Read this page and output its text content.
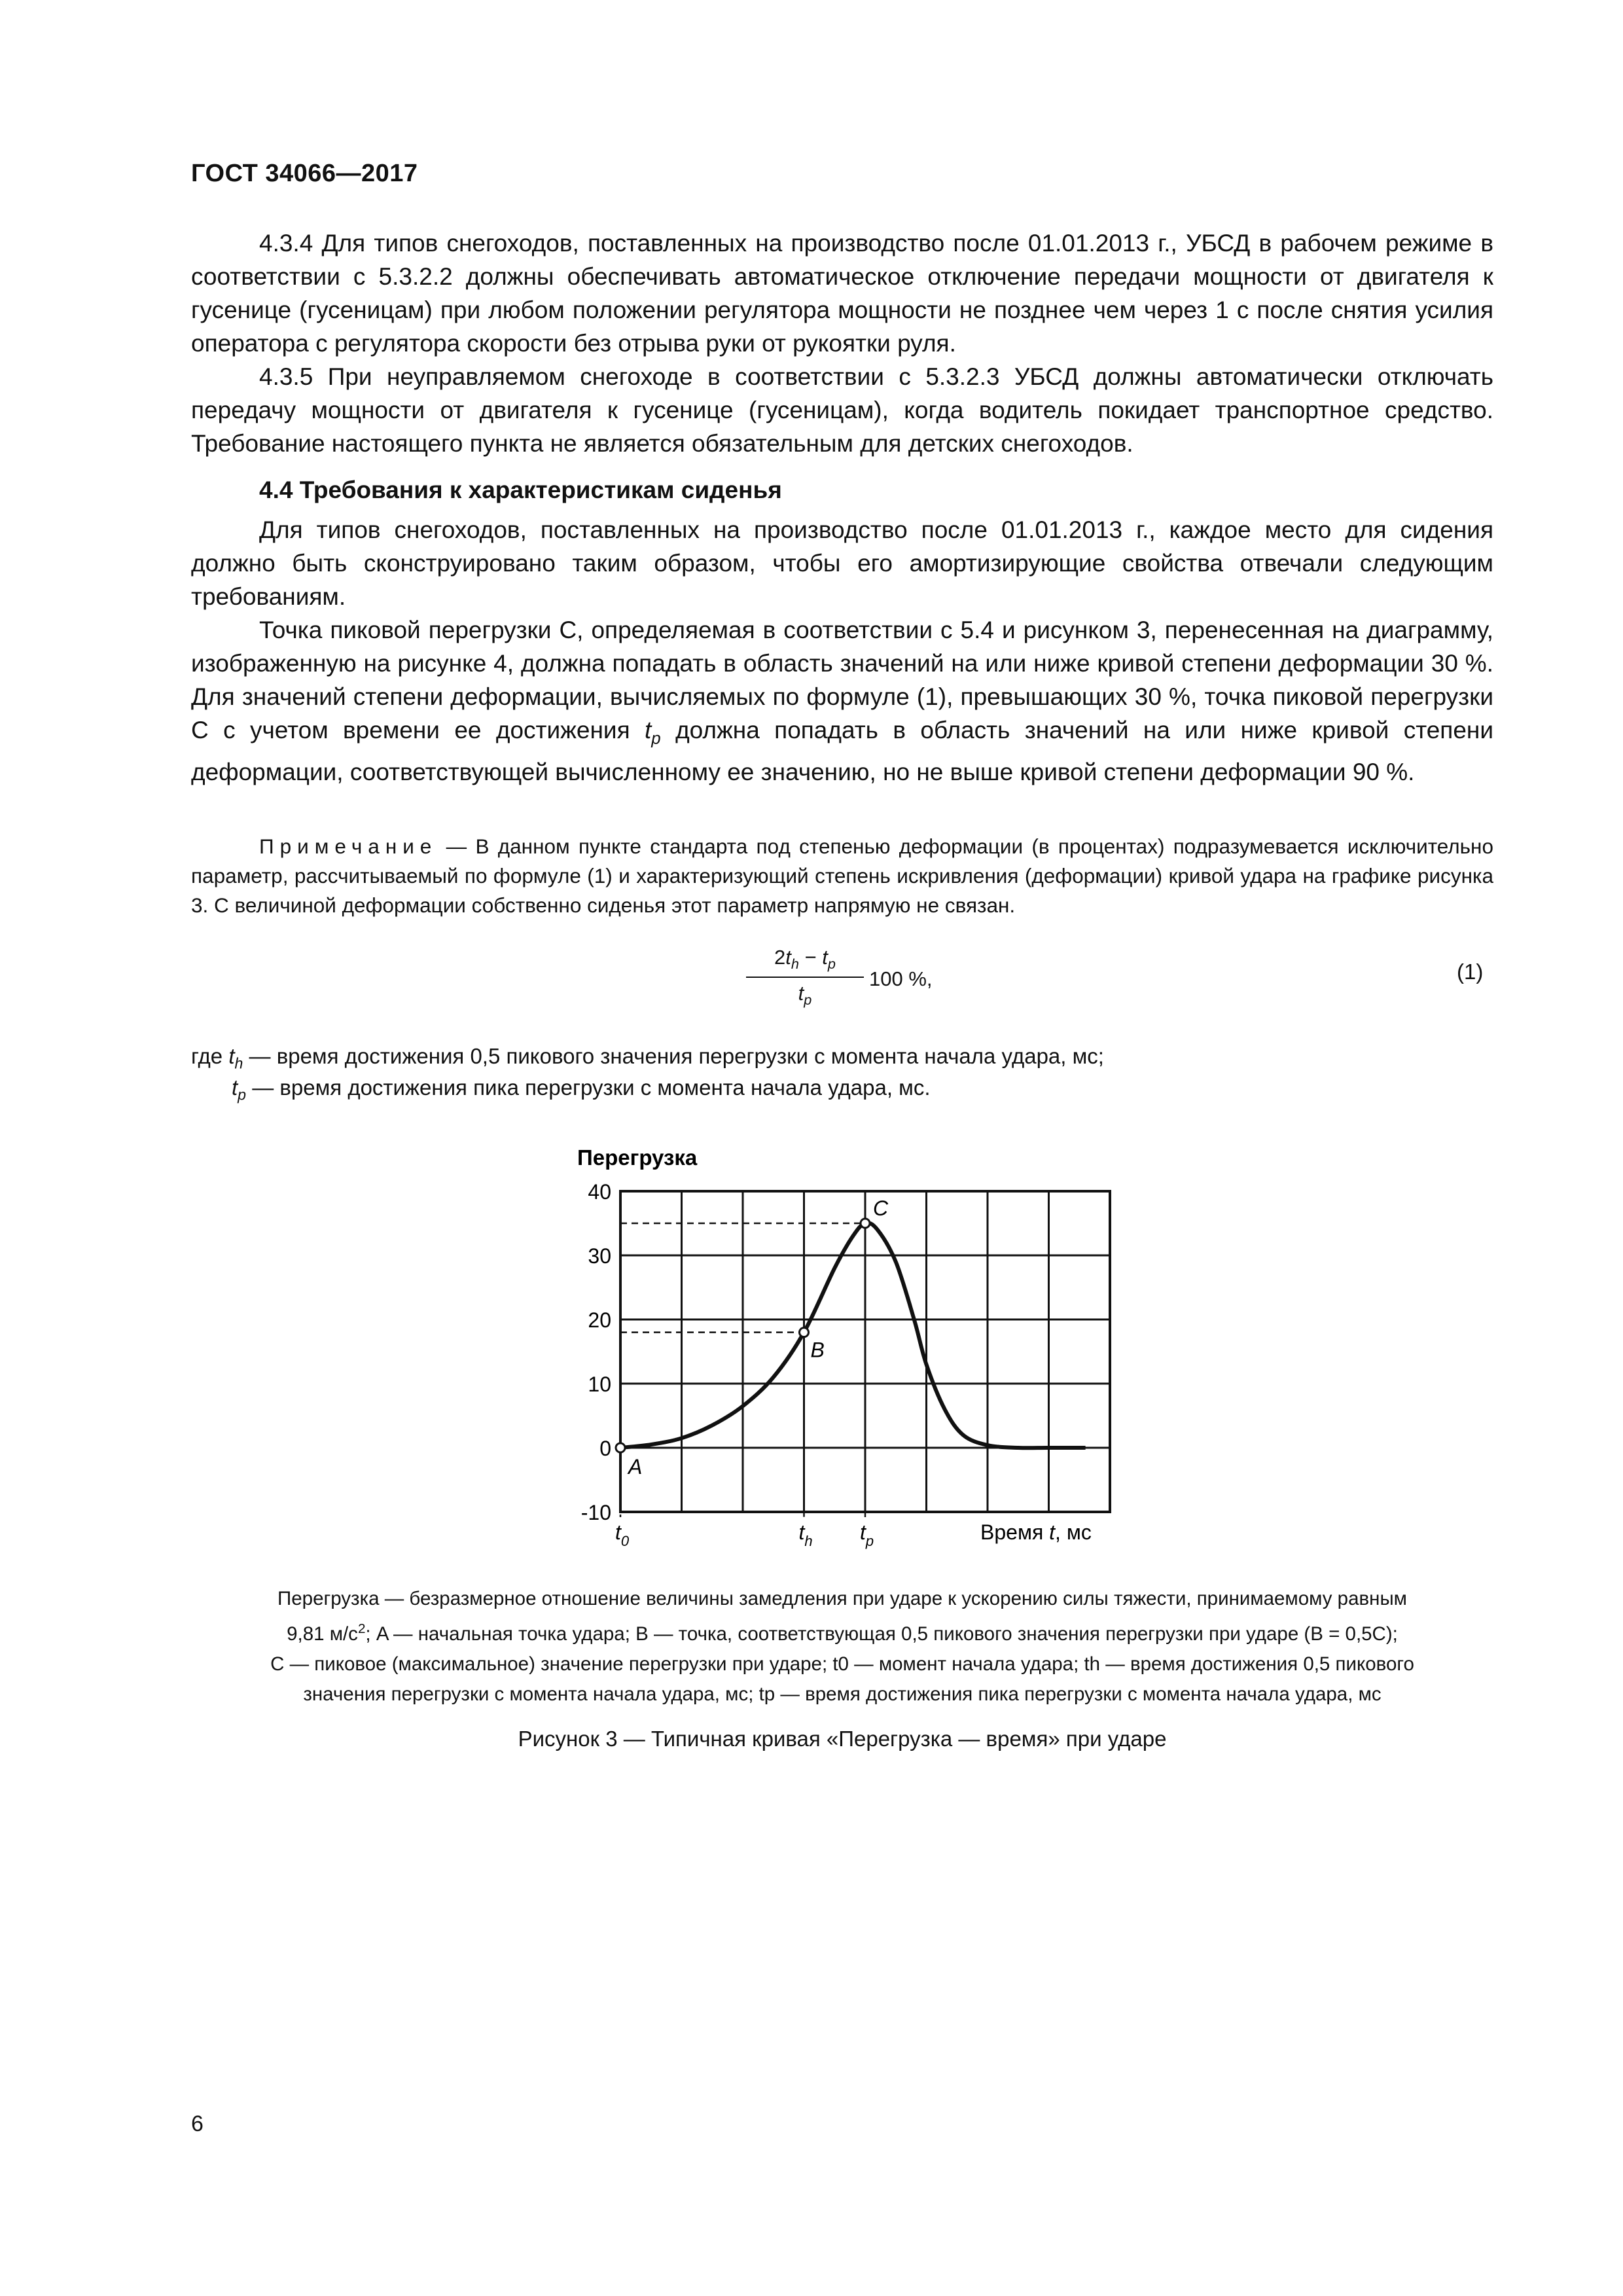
ГОСТ 34066—2017

4.3.4 Для типов снегоходов, поставленных на производство после 01.01.2013 г., УБСД в рабочем режиме в соответствии с 5.3.2.2 должны обеспечивать автоматическое отключение передачи мощности от двигателя к гусенице (гусеницам) при любом положении регулятора мощности не позднее чем через 1 с после снятия усилия оператора с регулятора скорости без отрыва руки от рукоятки руля.

4.3.5 При неуправляемом снегоходе в соответствии с 5.3.2.3 УБСД должны автоматически отключать передачу мощности от двигателя к гусенице (гусеницам), когда водитель покидает транспортное средство. Требование настоящего пункта не является обязательным для детских снегоходов.

4.4 Требования к характеристикам сиденья

Для типов снегоходов, поставленных на производство после 01.01.2013 г., каждое место для сидения должно быть сконструировано таким образом, чтобы его амортизирующие свойства отвечали следующим требованиям.

Точка пиковой перегрузки С, определяемая в соответствии с 5.4 и рисунком 3, перенесенная на диаграмму, изображенную на рисунке 4, должна попадать в область значений на или ниже кривой степени деформации 30 %. Для значений степени деформации, вычисляемых по формуле (1), превышающих 30 %, точка пиковой перегрузки С с учетом времени ее достижения $t_p$ должна попадать в область значений на или ниже кривой степени деформации, соответствующей вычисленному ее значению, но не выше кривой степени деформации 90 %.

Примечание — В данном пункте стандарта под степенью деформации (в процентах) подразумевается исключительно параметр, рассчитываемый по формуле (1) и характеризующий степень искривления (деформации) кривой удара на графике рисунка 3. С величиной деформации собственно сиденья этот параметр напрямую не связан.

$\frac{2t_h - t_p}{t_p} 100$ %,	(1)
где $t_h$ — время достижения 0,5 пикового значения перегрузки с момента начала удара, мс;
$t_p$ — время достижения пика перегрузки с момента начала удара, мс.
Перегрузка
40
30
20
10
0
-10
A
B
C
$t_0$	$t_h$ $t_p$	Время t, мс
Перегрузка — безразмерное отношение величины замедления при ударе к ускорению силы тяжести, принимаемому равным
9,81 $м/с^2$; A — начальная точка удара; B — точка, соответствующая 0,5 пикового значения перегрузки при ударе (B = 0,5C);
C — пиковое (максимальное) значение перегрузки при ударе; t0 — момент начала удара; th — время достижения 0,5 пикового
значения перегрузки с момента начала удара, мс; tp — время достижения пика перегрузки с момента начала удара, мс
Рисунок 3 — Типичная кривая «Перегрузка — время» при ударе
6
